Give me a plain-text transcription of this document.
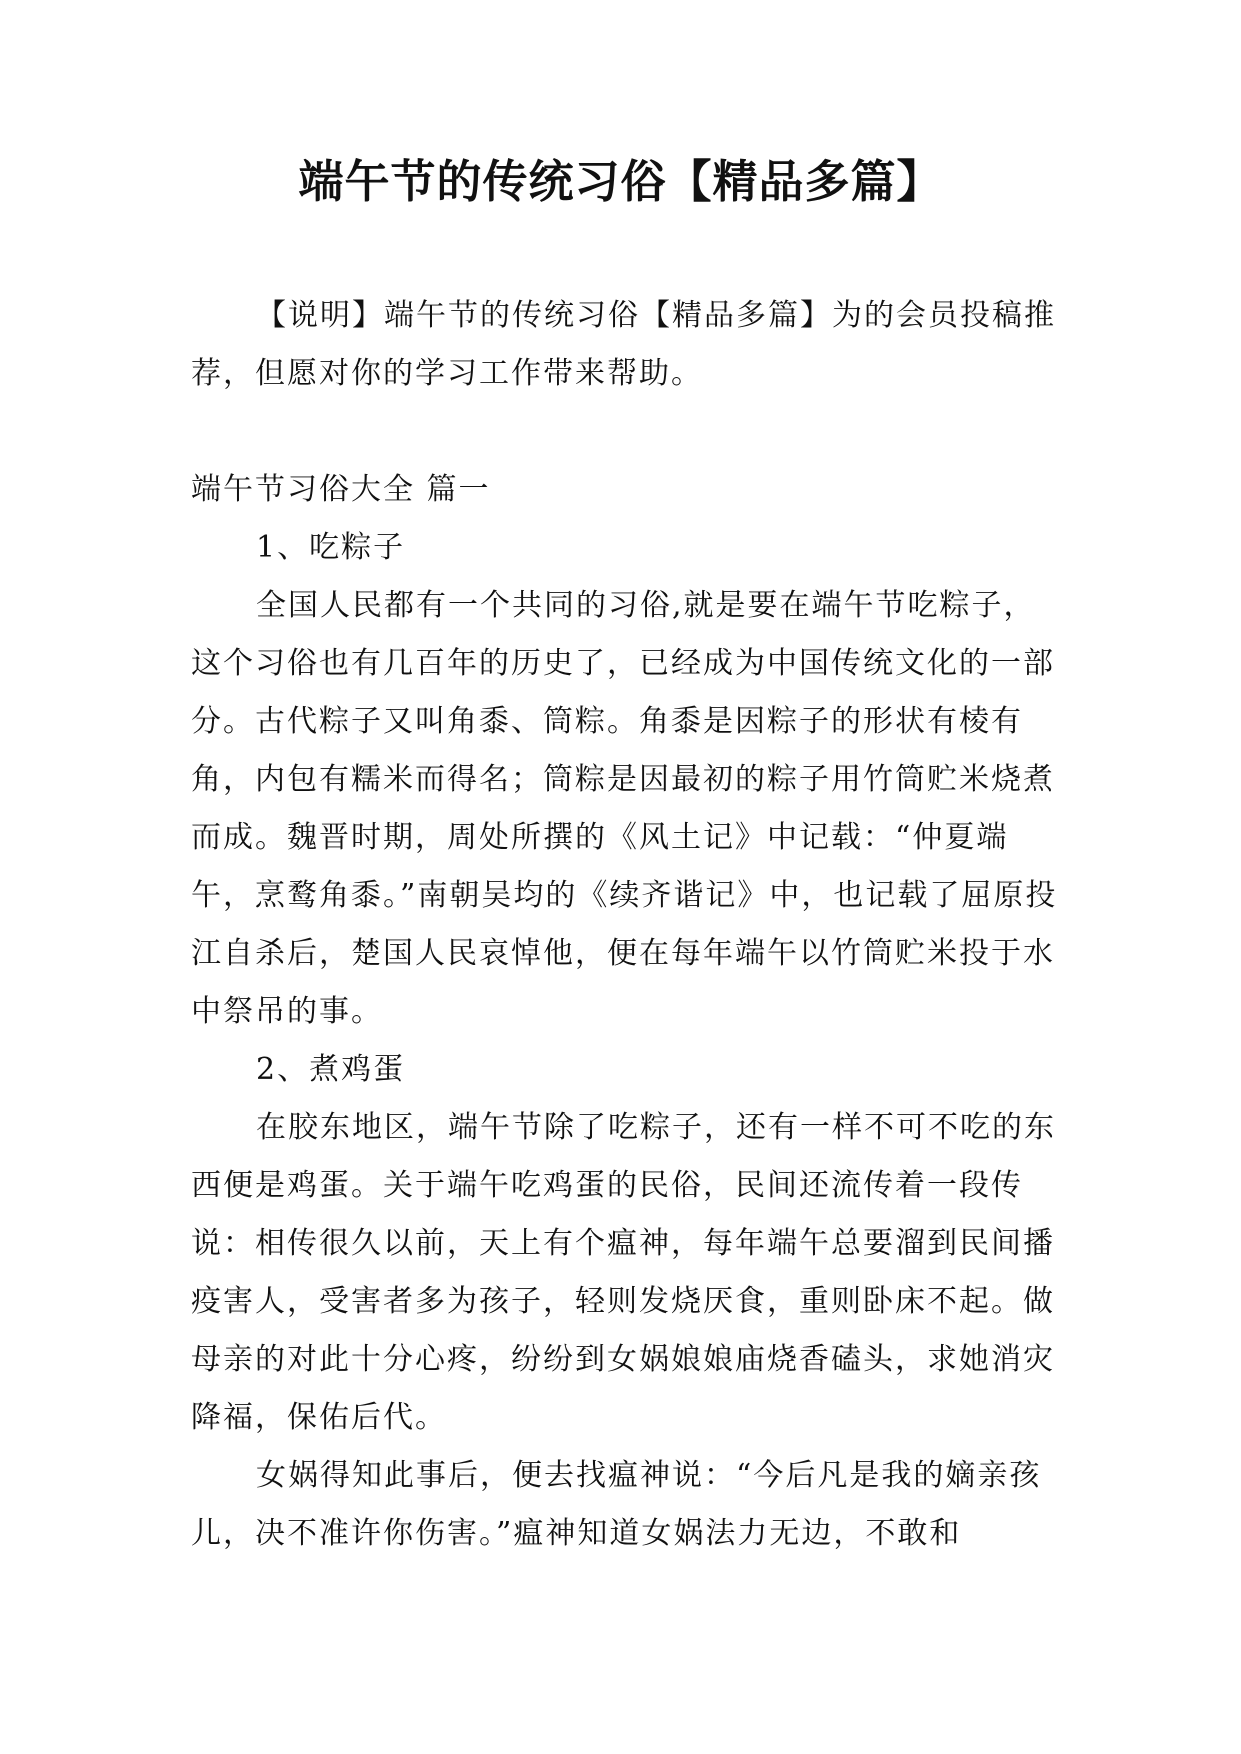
端午节的传统习俗【精品多篇】

【说明】端午节的传统习俗【精品多篇】为的会员投稿推荐，但愿对你的学习工作带来帮助。

端午节习俗大全 篇一

1、吃粽子

全国人民都有一个共同的习俗,就是要在端午节吃粽子，这个习俗也有几百年的历史了，已经成为中国传统文化的一部分。古代粽子又叫角黍、筒粽。角黍是因粽子的形状有棱有角，内包有糯米而得名；筒粽是因最初的粽子用竹筒贮米烧煮而成。魏晋时期，周处所撰的《风土记》中记载：“仲夏端午，烹鹜角黍。”南朝吴均的《续齐谐记》中，也记载了屈原投江自杀后，楚国人民哀悼他，便在每年端午以竹筒贮米投于水中祭吊的事。

2、煮鸡蛋

在胶东地区，端午节除了吃粽子，还有一样不可不吃的东西便是鸡蛋。关于端午吃鸡蛋的民俗，民间还流传着一段传说：相传很久以前，天上有个瘟神，每年端午总要溜到民间播疫害人，受害者多为孩子，轻则发烧厌食，重则卧床不起。做母亲的对此十分心疼，纷纷到女娲娘娘庙烧香磕头，求她消灾降福，保佑后代。

女娲得知此事后，便去找瘟神说：“今后凡是我的嫡亲孩儿，决不准许你伤害。”瘟神知道女娲法力无边，不敢和
